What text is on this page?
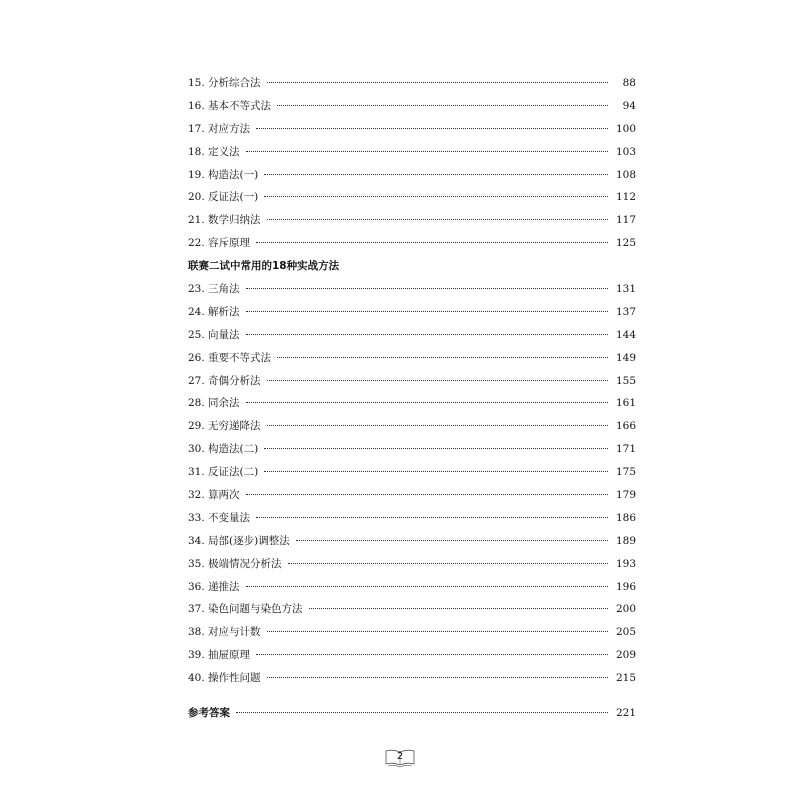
15. 分析综合法	88
16. 基本不等式法	94
17. 对应方法	100
18. 定义法	103
19. 构造法(一)	108
20. 反证法(一)	112
21. 数学归纳法	117
22. 容斥原理	125
联赛二试中常用的18种实战方法
23. 三角法	131
24. 解析法	137
25. 向量法	144
26. 重要不等式法	149
27. 奇偶分析法	155
28. 同余法	161
29. 无穷递降法	166
30. 构造法(二)	171
31. 反证法(二)	175
32. 算两次	179
33. 不变量法	186
34. 局部(逐步)调整法	189
35. 极端情况分析法	193
36. 递推法	196
37. 染色问题与染色方法	200
38. 对应与计数	205
39. 抽屉原理	209
40. 操作性问题	215
参考答案	221
2
